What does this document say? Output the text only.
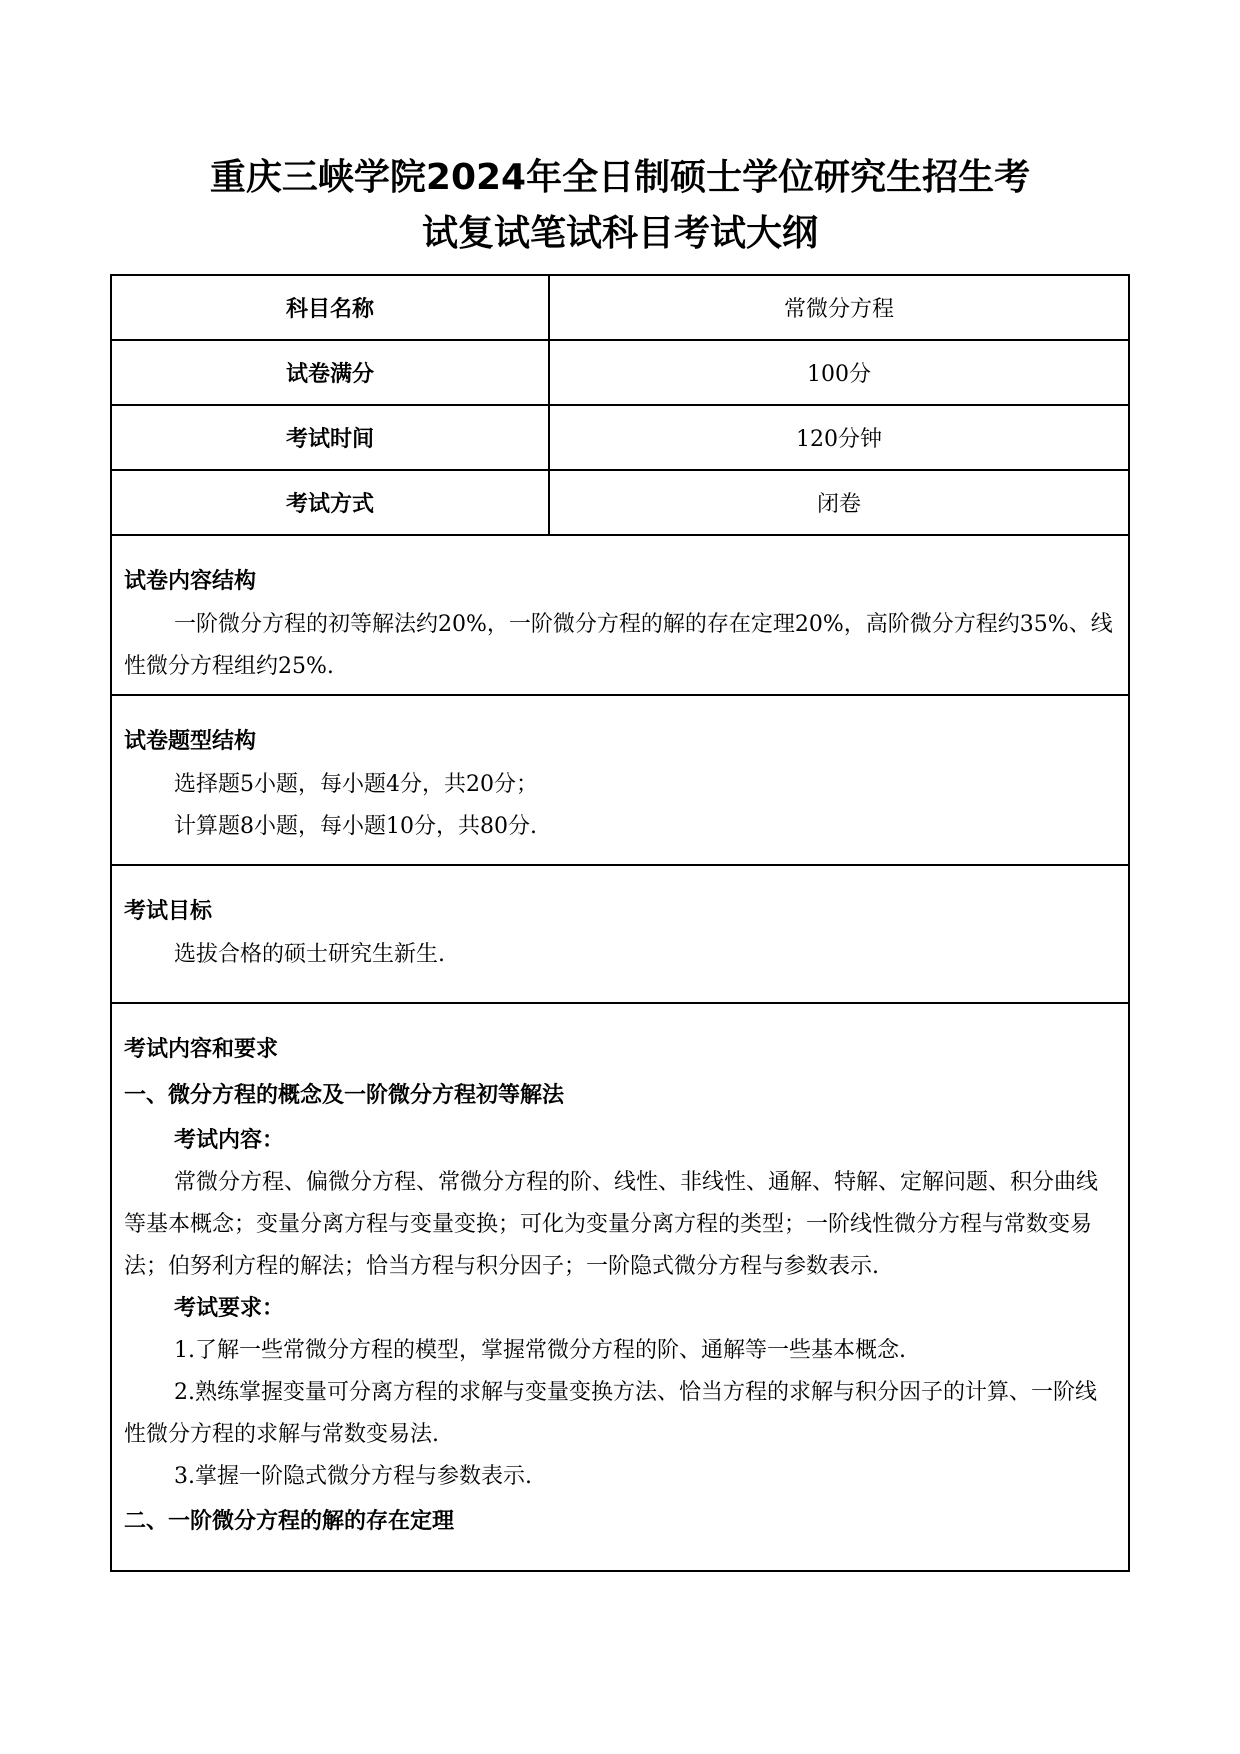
重庆三峡学院2024年全日制硕士学位研究生招生考
试复试笔试科目考试大纲
科目名称	常微分方程
试卷满分	100分
考试时间	120分钟
考试方式	闭卷
试卷内容结构
一阶微分方程的初等解法约20%，一阶微分方程的解的存在定理20%，高阶微分方程约35%、线性微分方程组约25%.
试卷题型结构
选择题5小题，每小题4分，共20分；
计算题8小题，每小题10分，共80分.
考试目标
选拔合格的硕士研究生新生.
考试内容和要求
一、微分方程的概念及一阶微分方程初等解法
考试内容：
常微分方程、偏微分方程、常微分方程的阶、线性、非线性、通解、特解、定解问题、积分曲线等基本概念；变量分离方程与变量变换；可化为变量分离方程的类型；一阶线性微分方程与常数变易法；伯努利方程的解法；恰当方程与积分因子；一阶隐式微分方程与参数表示.
考试要求：
1.了解一些常微分方程的模型，掌握常微分方程的阶、通解等一些基本概念.
2.熟练掌握变量可分离方程的求解与变量变换方法、恰当方程的求解与积分因子的计算、一阶线性微分方程的求解与常数变易法.
3.掌握一阶隐式微分方程与参数表示.
二、一阶微分方程的解的存在定理
